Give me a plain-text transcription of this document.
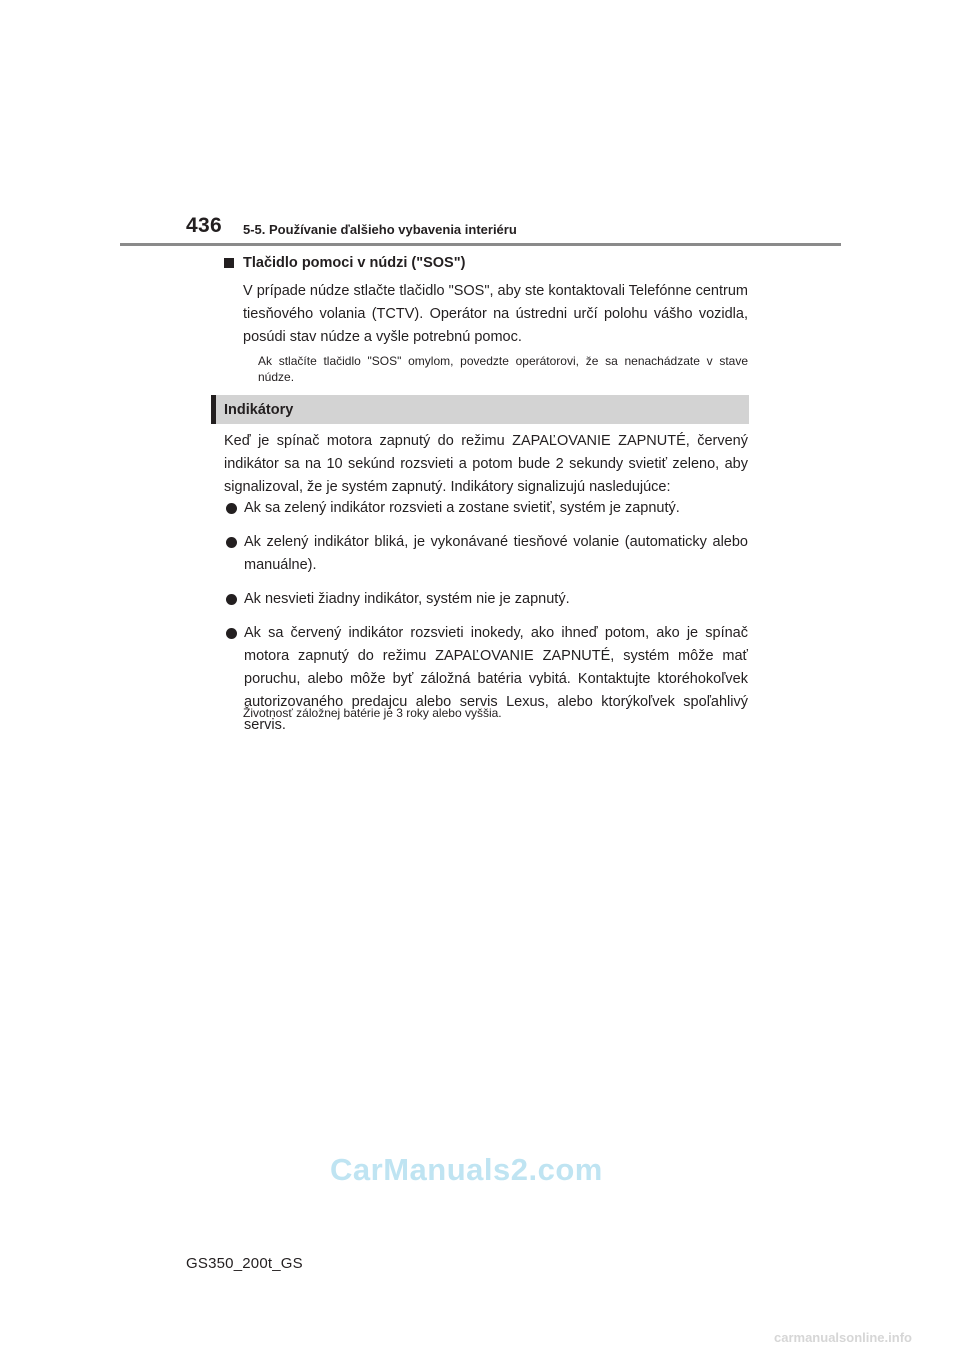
436 5-5. Používanie ďalšieho vybavenia interiéru
Tlačidlo pomoci v núdzi ("SOS")

V prípade núdze stlačte tlačidlo "SOS", aby ste kontaktovali Telefónne centrum tiesňového volania (TCTV). Operátor na ústredni určí polohu vášho vozidla, posúdi stav núdze a vyšle potrebnú pomoc.

Ak stlačíte tlačidlo "SOS" omylom, povedzte operátorovi, že sa nenachádzate v stave núdze.

Indikátory

Keď je spínač motora zapnutý do režimu ZAPAĽOVANIE ZAPNUTÉ, červený indikátor sa na 10 sekúnd rozsvieti a potom bude 2 sekundy svietiť zeleno, aby signalizoval, že je systém zapnutý. Indikátory signalizujú nasledujúce:

Ak sa zelený indikátor rozsvieti a zostane svietiť, systém je zapnutý.
Ak zelený indikátor bliká, je vykonávané tiesňové volanie (automaticky alebo manuálne).
Ak nesvieti žiadny indikátor, systém nie je zapnutý.
Ak sa červený indikátor rozsvieti inokedy, ako ihneď potom, ako je spínač motora zapnutý do režimu ZAPAĽOVANIE ZAPNUTÉ, systém môže mať poruchu, alebo môže byť záložná batéria vybitá. Kontaktujte ktoréhokoľvek autorizovaného predajcu alebo servis Lexus, alebo ktorýkoľvek spoľahlivý servis.

Životnosť záložnej batérie je 3 roky alebo vyššia.

CarManuals2.com
GS350_200t_GS
carmanualsonline.info
